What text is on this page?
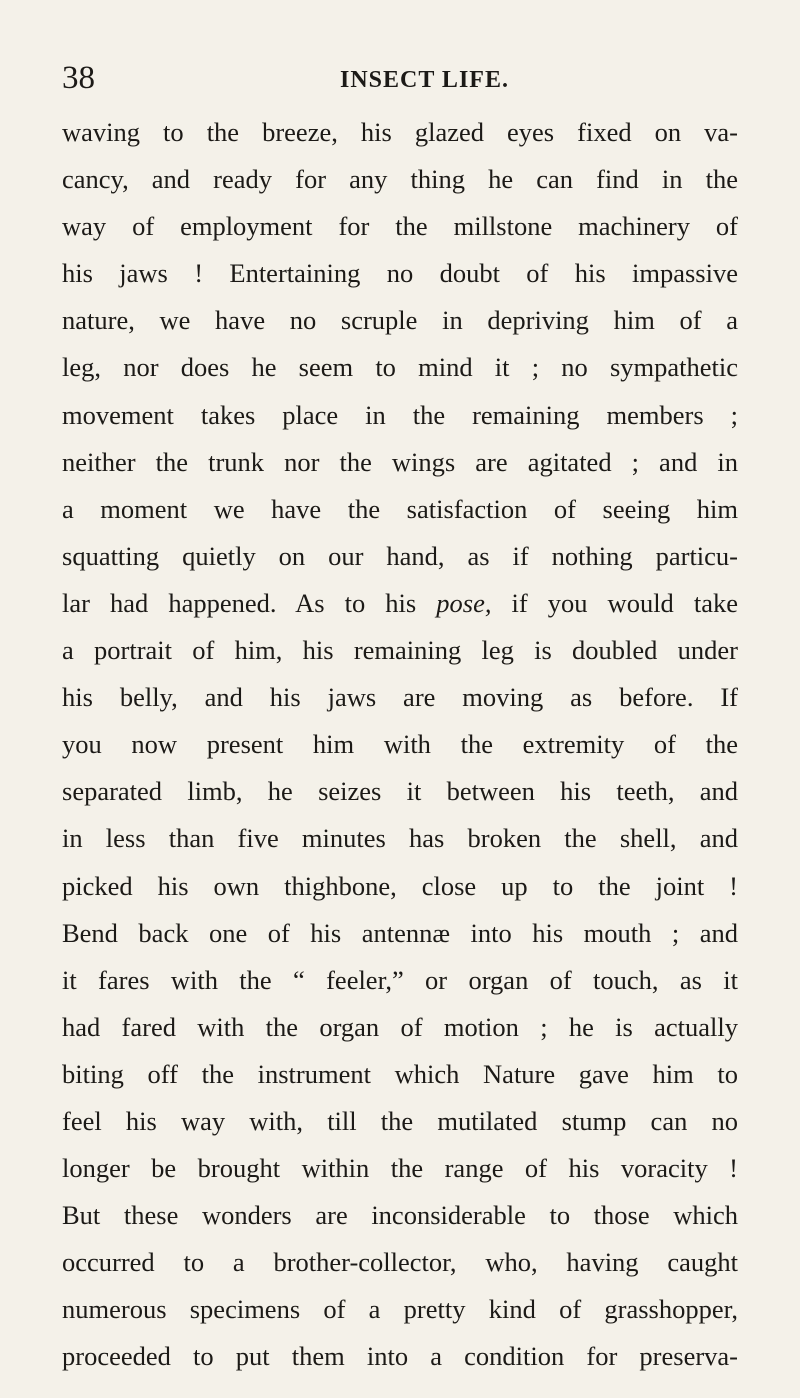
38	INSECT LIFE.
waving to the breeze, his glazed eyes fixed on va-
cancy, and ready for any thing he can find in the
way of employment for the millstone machinery of
his jaws ! Entertaining no doubt of his impassive
nature, we have no scruple in depriving him of a
leg, nor does he seem to mind it ; no sympathetic
movement takes place in the remaining members ;
neither the trunk nor the wings are agitated ; and in
a moment we have the satisfaction of seeing him
squatting quietly on our hand, as if nothing particu-
lar had happened. As to his pose, if you would take
a portrait of him, his remaining leg is doubled under
his belly, and his jaws are moving as before. If
you now present him with the extremity of the
separated limb, he seizes it between his teeth, and
in less than five minutes has broken the shell, and
picked his own thighbone, close up to the joint !
Bend back one of his antennæ into his mouth ; and
it fares with the “ feeler,” or organ of touch, as it
had fared with the organ of motion ; he is actually
biting off the instrument which Nature gave him to
feel his way with, till the mutilated stump can no
longer be brought within the range of his voracity !
But these wonders are inconsiderable to those which
occurred to a brother-collector, who, having caught
numerous specimens of a pretty kind of grasshopper,
proceeded to put them into a condition for preserva-
